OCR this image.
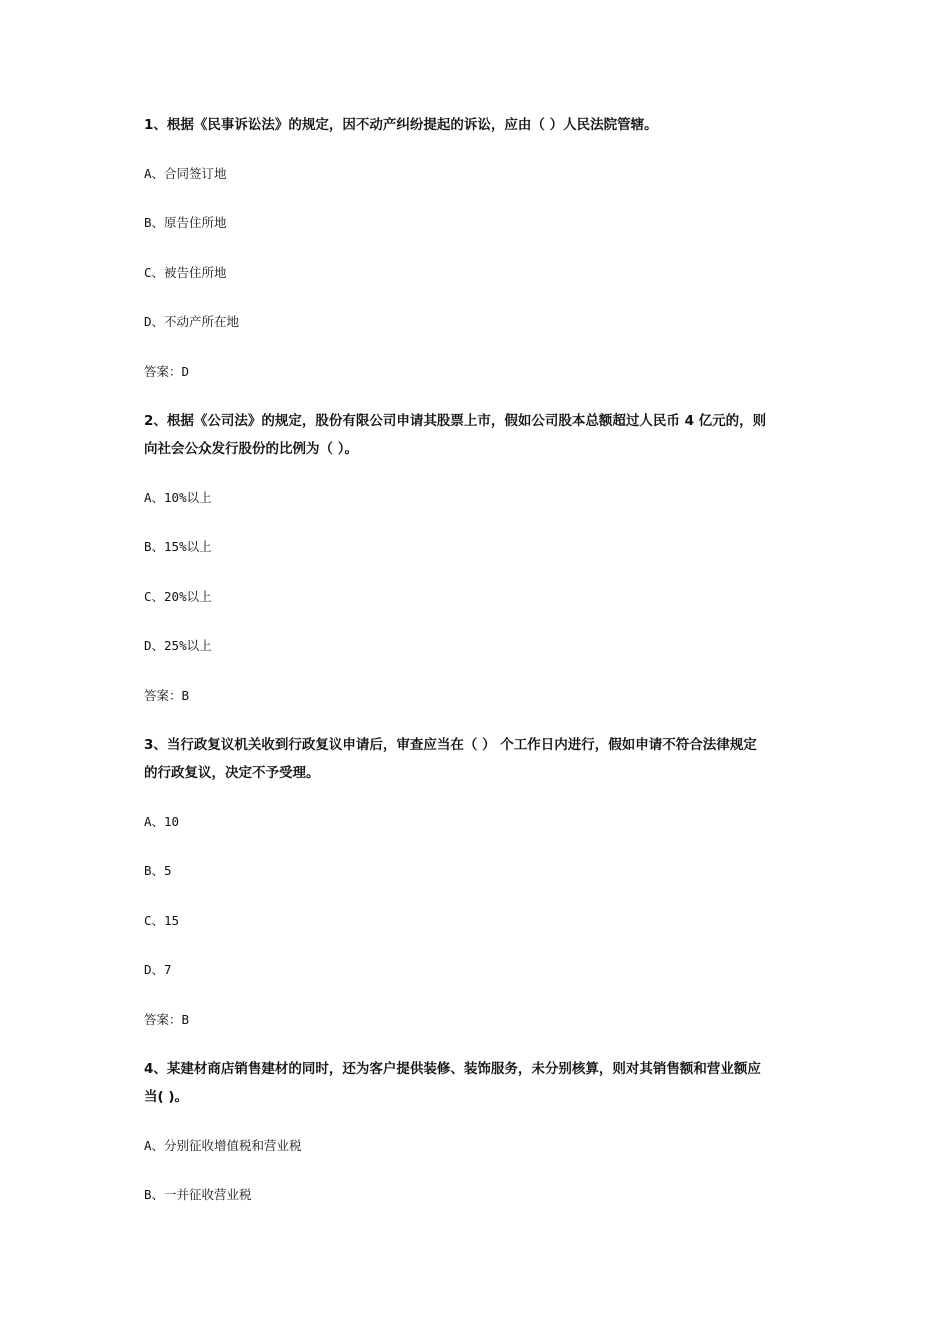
1、根据《民事诉讼法》的规定，因不动产纠纷提起的诉讼，应由（ ）人民法院管辖。
A、合同签订地
B、原告住所地
C、被告住所地
D、不动产所在地
答案：D
2、根据《公司法》的规定，股份有限公司申请其股票上市，假如公司股本总额超过人民币 4 亿元的，则
向社会公众发行股份的比例为（ ）。
A、10%以上
B、15%以上
C、20%以上
D、25%以上
答案：B
3、当行政复议机关收到行政复议申请后，审查应当在（ ） 个工作日内进行，假如申请不符合法律规定
的行政复议，决定不予受理。
A、10
B、5
C、15
D、7
答案：B
4、某建材商店销售建材的同时，还为客户提供装修、装饰服务，未分别核算，则对其销售额和营业额应
当( )。
A、分别征收增值税和营业税
B、一并征收营业税
